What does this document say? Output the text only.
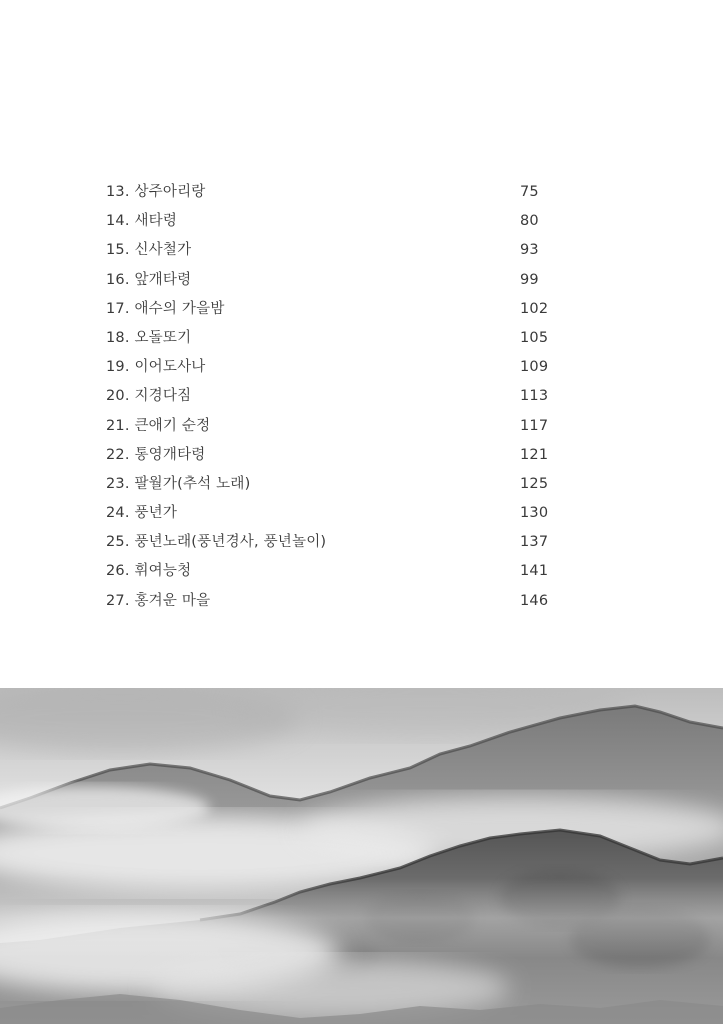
13. 상주아리랑	75
14. 새타령	80
15. 신사철가	93
16. 앞개타령	99
17. 애수의 가을밤	102
18. 오돌또기	105
19. 이어도사나	109
20. 지경다짐	113
21. 큰애기 순정	117
22. 통영개타령	121
23. 팔월가(추석 노래)	125
24. 풍년가	130
25. 풍년노래(풍년경사, 풍년놀이)	137
26. 휘여능청	141
27. 홍겨운 마을	146
